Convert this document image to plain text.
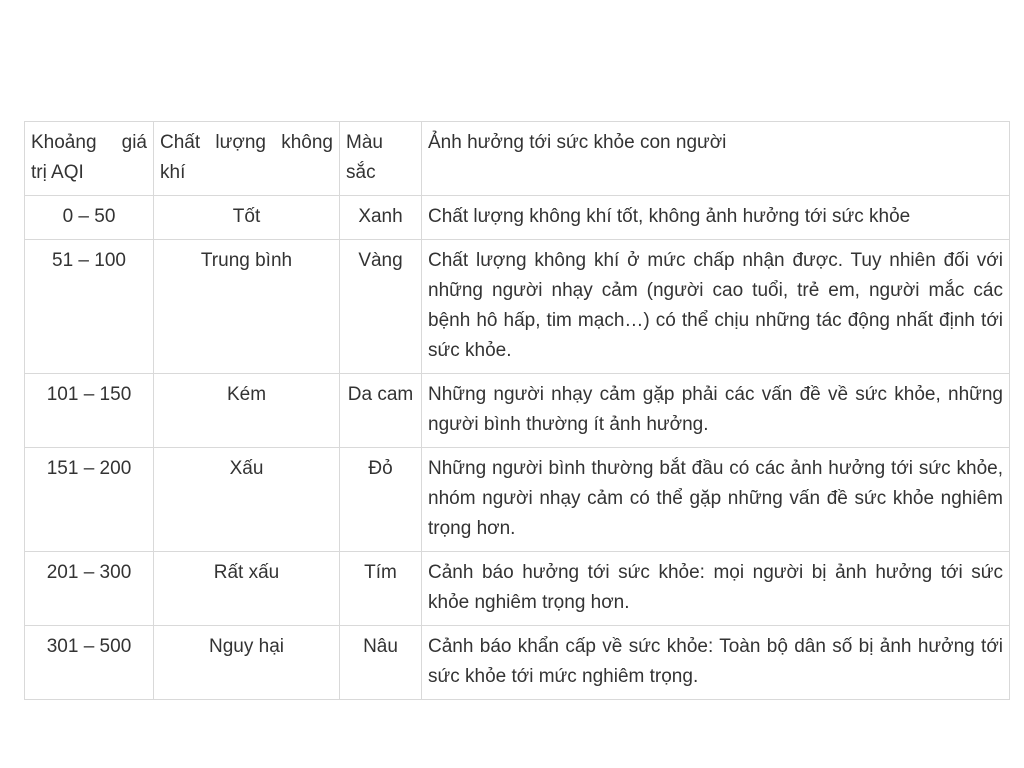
Khoảng giá trị AQI	Chất lượng không khí	Màu sắc	Ảnh hưởng tới sức khỏe con người
0 – 50	Tốt	Xanh	Chất lượng không khí tốt, không ảnh hưởng tới sức khỏe
51 – 100	Trung bình	Vàng	Chất lượng không khí ở mức chấp nhận được. Tuy nhiên đối với những người nhạy cảm (người cao tuổi, trẻ em, người mắc các bệnh hô hấp, tim mạch…) có thể chịu những tác động nhất định tới sức khỏe.
101 – 150	Kém	Da cam	Những người nhạy cảm gặp phải các vấn đề về sức khỏe, những người bình thường ít ảnh hưởng.
151 – 200	Xấu	Đỏ	Những người bình thường bắt đầu có các ảnh hưởng tới sức khỏe, nhóm người nhạy cảm có thể gặp những vấn đề sức khỏe nghiêm trọng hơn.
201 – 300	Rất xấu	Tím	Cảnh báo hưởng tới sức khỏe: mọi người bị ảnh hưởng tới sức khỏe nghiêm trọng hơn.
301 – 500	Nguy hại	Nâu	Cảnh báo khẩn cấp về sức khỏe: Toàn bộ dân số bị ảnh hưởng tới sức khỏe tới mức nghiêm trọng.
